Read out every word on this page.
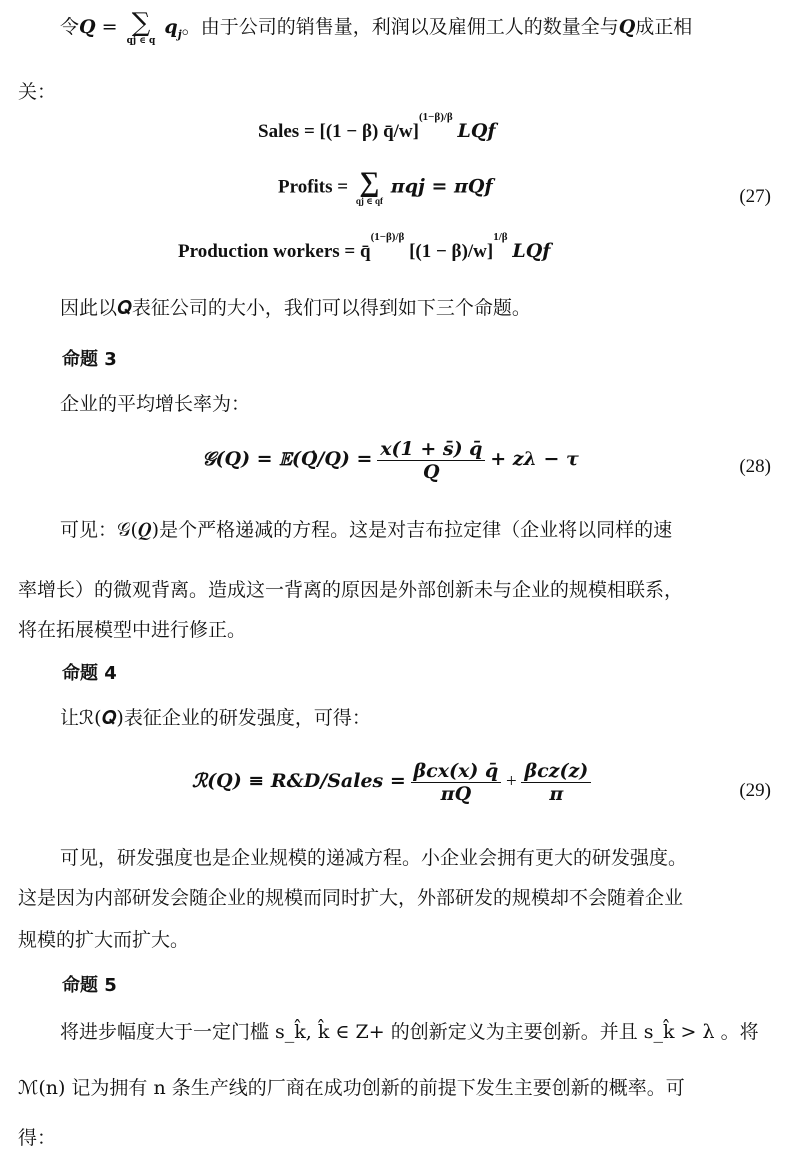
令𝑸 = ∑
qj ∈ q
$q_j$。由于公司的销售量，利润以及雇佣工人的数量全与𝑸成正相
关：
Sales = [(1 − β) q̄/w]$^{(1-\beta)/\beta}$ LQf
Profits = ∑
qj ∈ qf
πqj = πQf	(27)
Production workers = q̄$^{(1-\beta)/\beta}$ $[(1 - \beta)/w]^{1/\beta}$ LQf
因此以𝑸表征公司的大小，我们可以得到如下三个命题。
命题 3
企业的平均增长率为：
𝒢(𝑸) = 𝔼(𝑸̇/𝑸) = $\frac{x(1 + s̄) q̄}{Q} + z\lambda - \tau$	(28)
可见：𝒢(𝑸)是个严格递减的方程。这是对吉布拉定律（企业将以同样的速
率增长）的微观背离。造成这一背离的原因是外部创新未与企业的规模相联系，
将在拓展模型中进行修正。
命题 4
让ℛ(𝑸)表征企业的研发强度，可得：
ℛ(𝑸) ≡ R&D/Sales = $\frac{\text{βcx(x) q̄}}{\pi Q} + \frac{\text{βcz(z)}}{\pi}$	(29)
可见，研发强度也是企业规模的递减方程。小企业会拥有更大的研发强度。
这是因为内部研发会随企业的规模而同时扩大，外部研发的规模却不会随着企业
规模的扩大而扩大。
命题 5
将进步幅度大于一定门槛 s_k̂, k̂ ∈ Z+ 的创新定义为主要创新。并且 s_k̂ > λ 。将
ℳ(n) 记为拥有 n 条生产线的厂商在成功创新的前提下发生主要创新的概率。可
得：
